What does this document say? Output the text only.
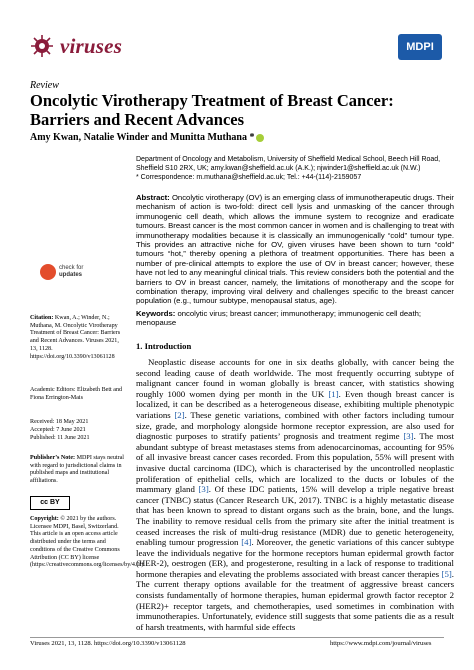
viruses	MDPI
Review
Oncolytic Virotherapy Treatment of Breast Cancer: Barriers and Recent Advances
Amy Kwan, Natalie Winder and Munitta Muthana *
Department of Oncology and Metabolism, University of Sheffield Medical School, Beech Hill Road, Sheffield S10 2RX, UK; amy.kwan@sheffield.ac.uk (A.K.); njwinder1@sheffield.ac.uk (N.W.)
* Correspondence: m.muthana@sheffield.ac.uk; Tel.: +44-(114)-2159057
Abstract: Oncolytic virotherapy (OV) is an emerging class of immunotherapeutic drugs. Their mechanism of action is two-fold: direct cell lysis and unmasking of the cancer through immunogenic cell death, which allows the immune system to recognize and eradicate tumours. Breast cancer is the most common cancer in women and is challenging to treat with immunotherapy modalities because it is classically an immunogenically “cold” tumour type. This provides an attractive niche for OV, given viruses have been shown to turn “cold” tumours “hot,” thereby opening a plethora of treatment opportunities. There has been a number of pre-clinical attempts to explore the use of OV in breast cancer; however, these have not led to any meaningful clinical trials. This review considers both the potential and the barriers to OV in breast cancer, namely, the limitations of monotherapy and the scope for combination therapy, improving viral delivery and challenges specific to the breast cancer population (e.g., tumour subtype, menopausal status, age).
Keywords: oncolytic virus; breast cancer; immunotherapy; immunogenic cell death; menopause
1. Introduction

Neoplastic disease accounts for one in six deaths globally, with cancer being the second leading cause of death worldwide. The most frequently occurring subtype of malignant cancer found in woman globally is breast cancer, with statistics showing roughly 1000 women dying per month in the UK [1]. Even though breast cancer is localized, it can be described as a heterogeneous disease, exhibiting multiple phenotypic variations [2]. These genetic variations, combined with other factors including tumour size, grade, and morphology alongside hormone receptor expression, are also used for diagnostic purposes to stratify patients’ prognosis and treatment regime [3]. The most abundant subtype of breast metastases stems from adenocarcinomas, accounting for 95% of all invasive breast cancer cases recorded. From this population, 55% will present with invasive ductal carcinoma (IDC), which is characterised by the uncontrolled neoplastic proliferation of epithelial cells, which are localized to the ducts or lobules of the mammary gland [3]. Of these IDC patients, 15% will develop a triple negative breast cancer (TNBC) status (Cancer Research UK, 2017). TNBC is a highly metastatic disease that has been known to spread to distant organs such as the brain, bone, and the lungs. The inability to remove residual cells from the primary site after the initial treatment is ceased increases the risk of multi-drug resistance (MDR) due to genetic heterogeneity, enabling tumour progression [4]. Moreover, the genetic variations of this cancer subtype leave the individuals negative for the hormone receptors human epidermal growth factor (HER-2), oestrogen (ER), and progesterone, resulting in a lack of response to traditional hormone therapies and elevating the problems associated with breast cancer therapies [5]. The current therapy options available for the treatment of aggressive breast cancers consists fundamentally of hormone therapies, human epidermal growth factor receptor 2 (HER2)+ receptor targets, and chemotherapies, used sometimes in combination with immunotherapies. Unfortunately, evidence still suggests that some patients die as a result of harsh treatments, with harmful side effects

check for
updates
Citation: Kwan, A.; Winder, N.; Muthana, M. Oncolytic Virotherapy Treatment of Breast Cancer: Barriers and Recent Advances. Viruses 2021, 13, 1128. https://doi.org/10.3390/v13061128
Academic Editors: Elizabeth Bett and Fiona Errington-Mais
Received: 18 May 2021
Accepted: 7 June 2021
Published: 11 June 2021
Publisher’s Note: MDPI stays neutral with regard to jurisdictional claims in published maps and institutional affiliations.
cc BY
Copyright: © 2021 by the authors. Licensee MDPI, Basel, Switzerland. This article is an open access article distributed under the terms and conditions of the Creative Commons Attribution (CC BY) license (https://creativecommons.org/licenses/by/4.0/).
Viruses 2021, 13, 1128. https://doi.org/10.3390/v13061128	https://www.mdpi.com/journal/viruses
